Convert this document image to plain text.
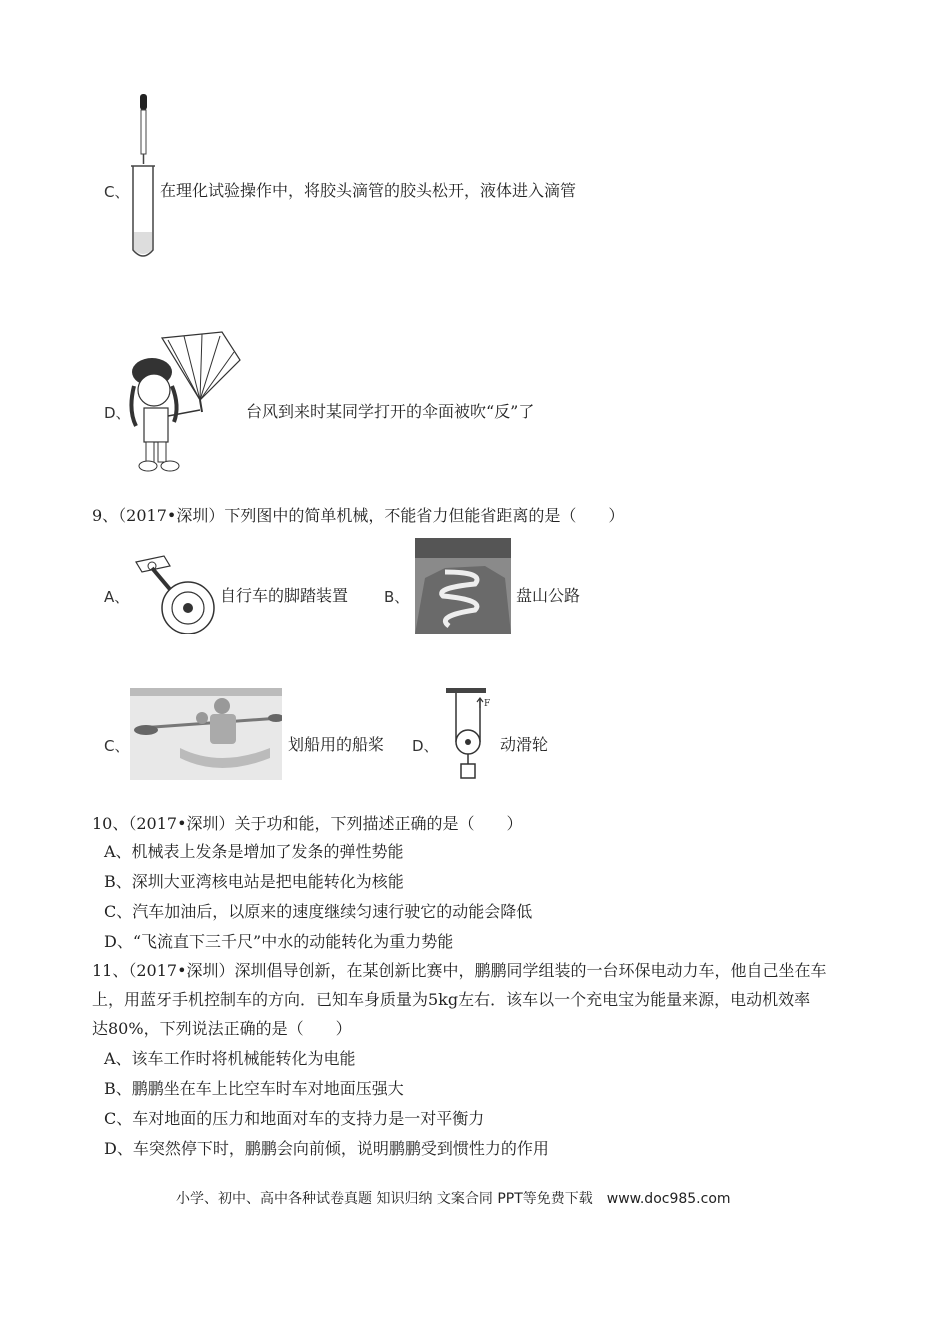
C、 在理化试验操作中，将胶头滴管的胶头松开，液体进入滴管
D、	台风到来时某同学打开的伞面被吹“反”了
9、（2017•深圳）下列图中的简单机械，不能省力但能省距离的是（　　）
A、	自行车的脚踏装置 B、	盘山公路
C、	划船用的船桨 D、
F
动滑轮
10、（2017•深圳）关于功和能，下列描述正确的是（　　）
A、机械表上发条是增加了发条的弹性势能
B、深圳大亚湾核电站是把电能转化为核能
C、汽车加油后，以原来的速度继续匀速行驶它的动能会降低
D、“飞流直下三千尺”中水的动能转化为重力势能
11、（2017•深圳）深圳倡导创新，在某创新比赛中，鹏鹏同学组装的一台环保电动力车，他自己坐在车
上，用蓝牙手机控制车的方向．已知车身质量为5kg左右．该车以一个充电宝为能量来源，电动机效率
达80%，下列说法正确的是（　　）
A、该车工作时将机械能转化为电能
B、鹏鹏坐在车上比空车时车对地面压强大
C、车对地面的压力和地面对车的支持力是一对平衡力
D、车突然停下时，鹏鹏会向前倾，说明鹏鹏受到惯性力的作用
小学、初中、高中各种试卷真题 知识归纳 文案合同 PPT等免费下载　www.doc985.com
